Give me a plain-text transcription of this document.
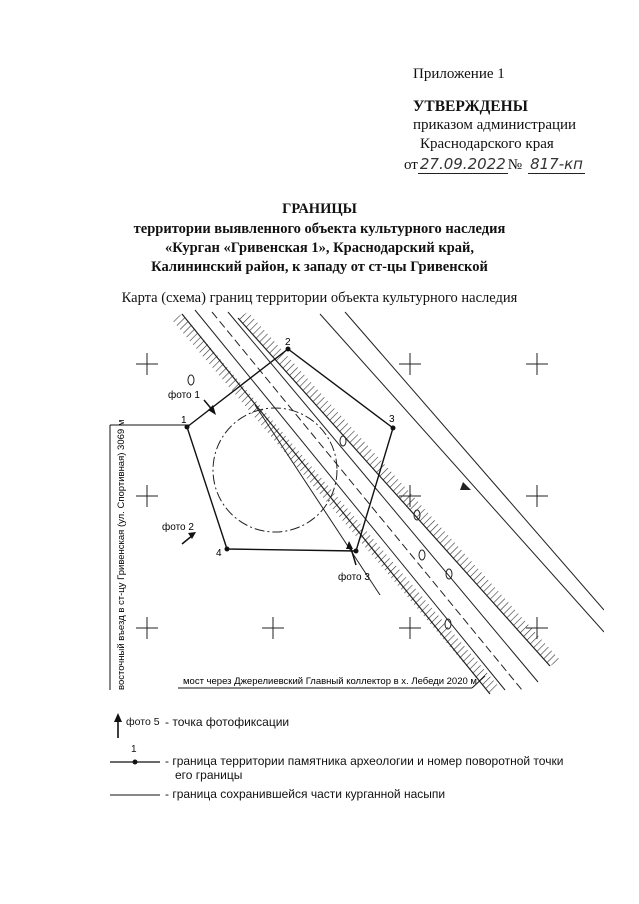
Приложение 1
УТВЕРЖДЕНЫ
приказом администрации
Краснодарского края
от 27.09.2022 № 817-кп
ГРАНИЦЫ
территории выявленного объекта культурного наследия
«Курган «Гривенская 1», Краснодарский край,
Калининский район, к западу от ст-цы Гривенской
Карта (схема) границ территории объекта культурного наследия
1
2
3
4
фото 1
фото 2
фото 3
восточный въезд в ст-цу Гривенская (ул. Спортивная) 3069 м	мост через Джерелиевский Главный коллектор в х. Лебеди 2020 м
фото 5 - точка фотофиксации
1
- граница территории памятника археологии и номер поворотной точки
его границы
- граница сохранившейся части курганной насыпи
